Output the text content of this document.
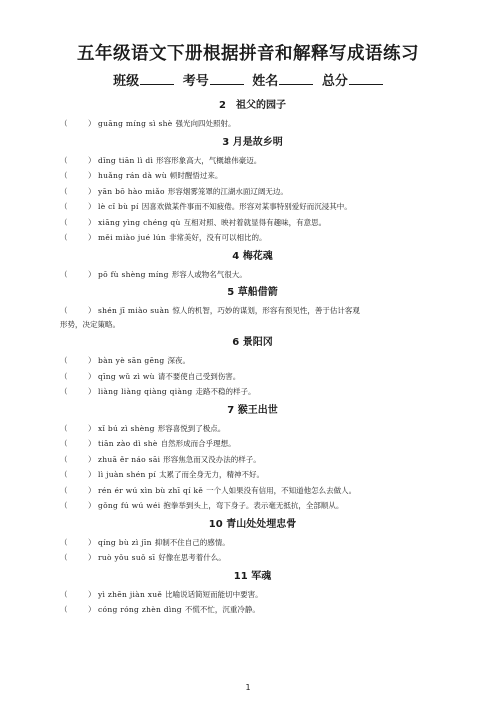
五年级语文下册根据拼音和解释写成语练习
班级	考号	姓名	总分
2　祖父的园子
（	） guāng míng sì shè 强光向四处照射。
3 月是故乡明
（	） dǐng tiān lì dì 形容形象高大，气概雄伟豪迈。
（	） huǎng rán dà wù 顿时醒悟过来。
（	） yān bō hào miǎo 形容烟雾笼罩的江湖水面辽阔无边。
（	） lè cǐ bù pí 因喜欢做某件事而不知疲倦。形容对某事特别爱好而沉浸其中。
（	） xiāng yìng chéng qù 互相对照、映衬着就显得有趣味，有意思。
（	） měi miào jué lún 非常美好，没有可以相比的。
4 梅花魂
（	） pō fù shèng míng 形容人或物名气很大。
5 草船借箭
（	） shén jī miào suàn 惊人的机智，巧妙的谋划，形容有预见性，善于估计客观
形势，决定策略。
6 景阳冈
（	） bàn yè sān gēng 深夜。
（	） qīng wǔ zì wù 请不要使自己受到伤害。
（	） liàng liàng qiàng qiàng 走路不稳的样子。
7 猴王出世
（	） xǐ bú zì shèng 形容喜悦到了极点。
（	） tiān zào dì shè 自然形成而合乎理想。
（	） zhuā ěr náo sāi 形容焦急而又没办法的样子。
（	） lì juàn shén pí 太累了而全身无力，精神不好。
（	） rén ér wú xìn bù zhī qí kě 一个人如果没有信用，不知道他怎么去做人。
（	） gǒng fú wú wéi 抱拳举到头上，弯下身子。表示毫无抵抗，全部顺从。
10 青山处处埋忠骨
（	） qíng bù zì jīn 抑制不住自己的感情。
（	） ruò yǒu suǒ sī 好像在思考着什么。
11 军魂
（	） yì zhēn jiàn xuě 比喻说话简短而能切中要害。
（	） cóng róng zhèn dìng 不慌不忙，沉重冷静。
1
